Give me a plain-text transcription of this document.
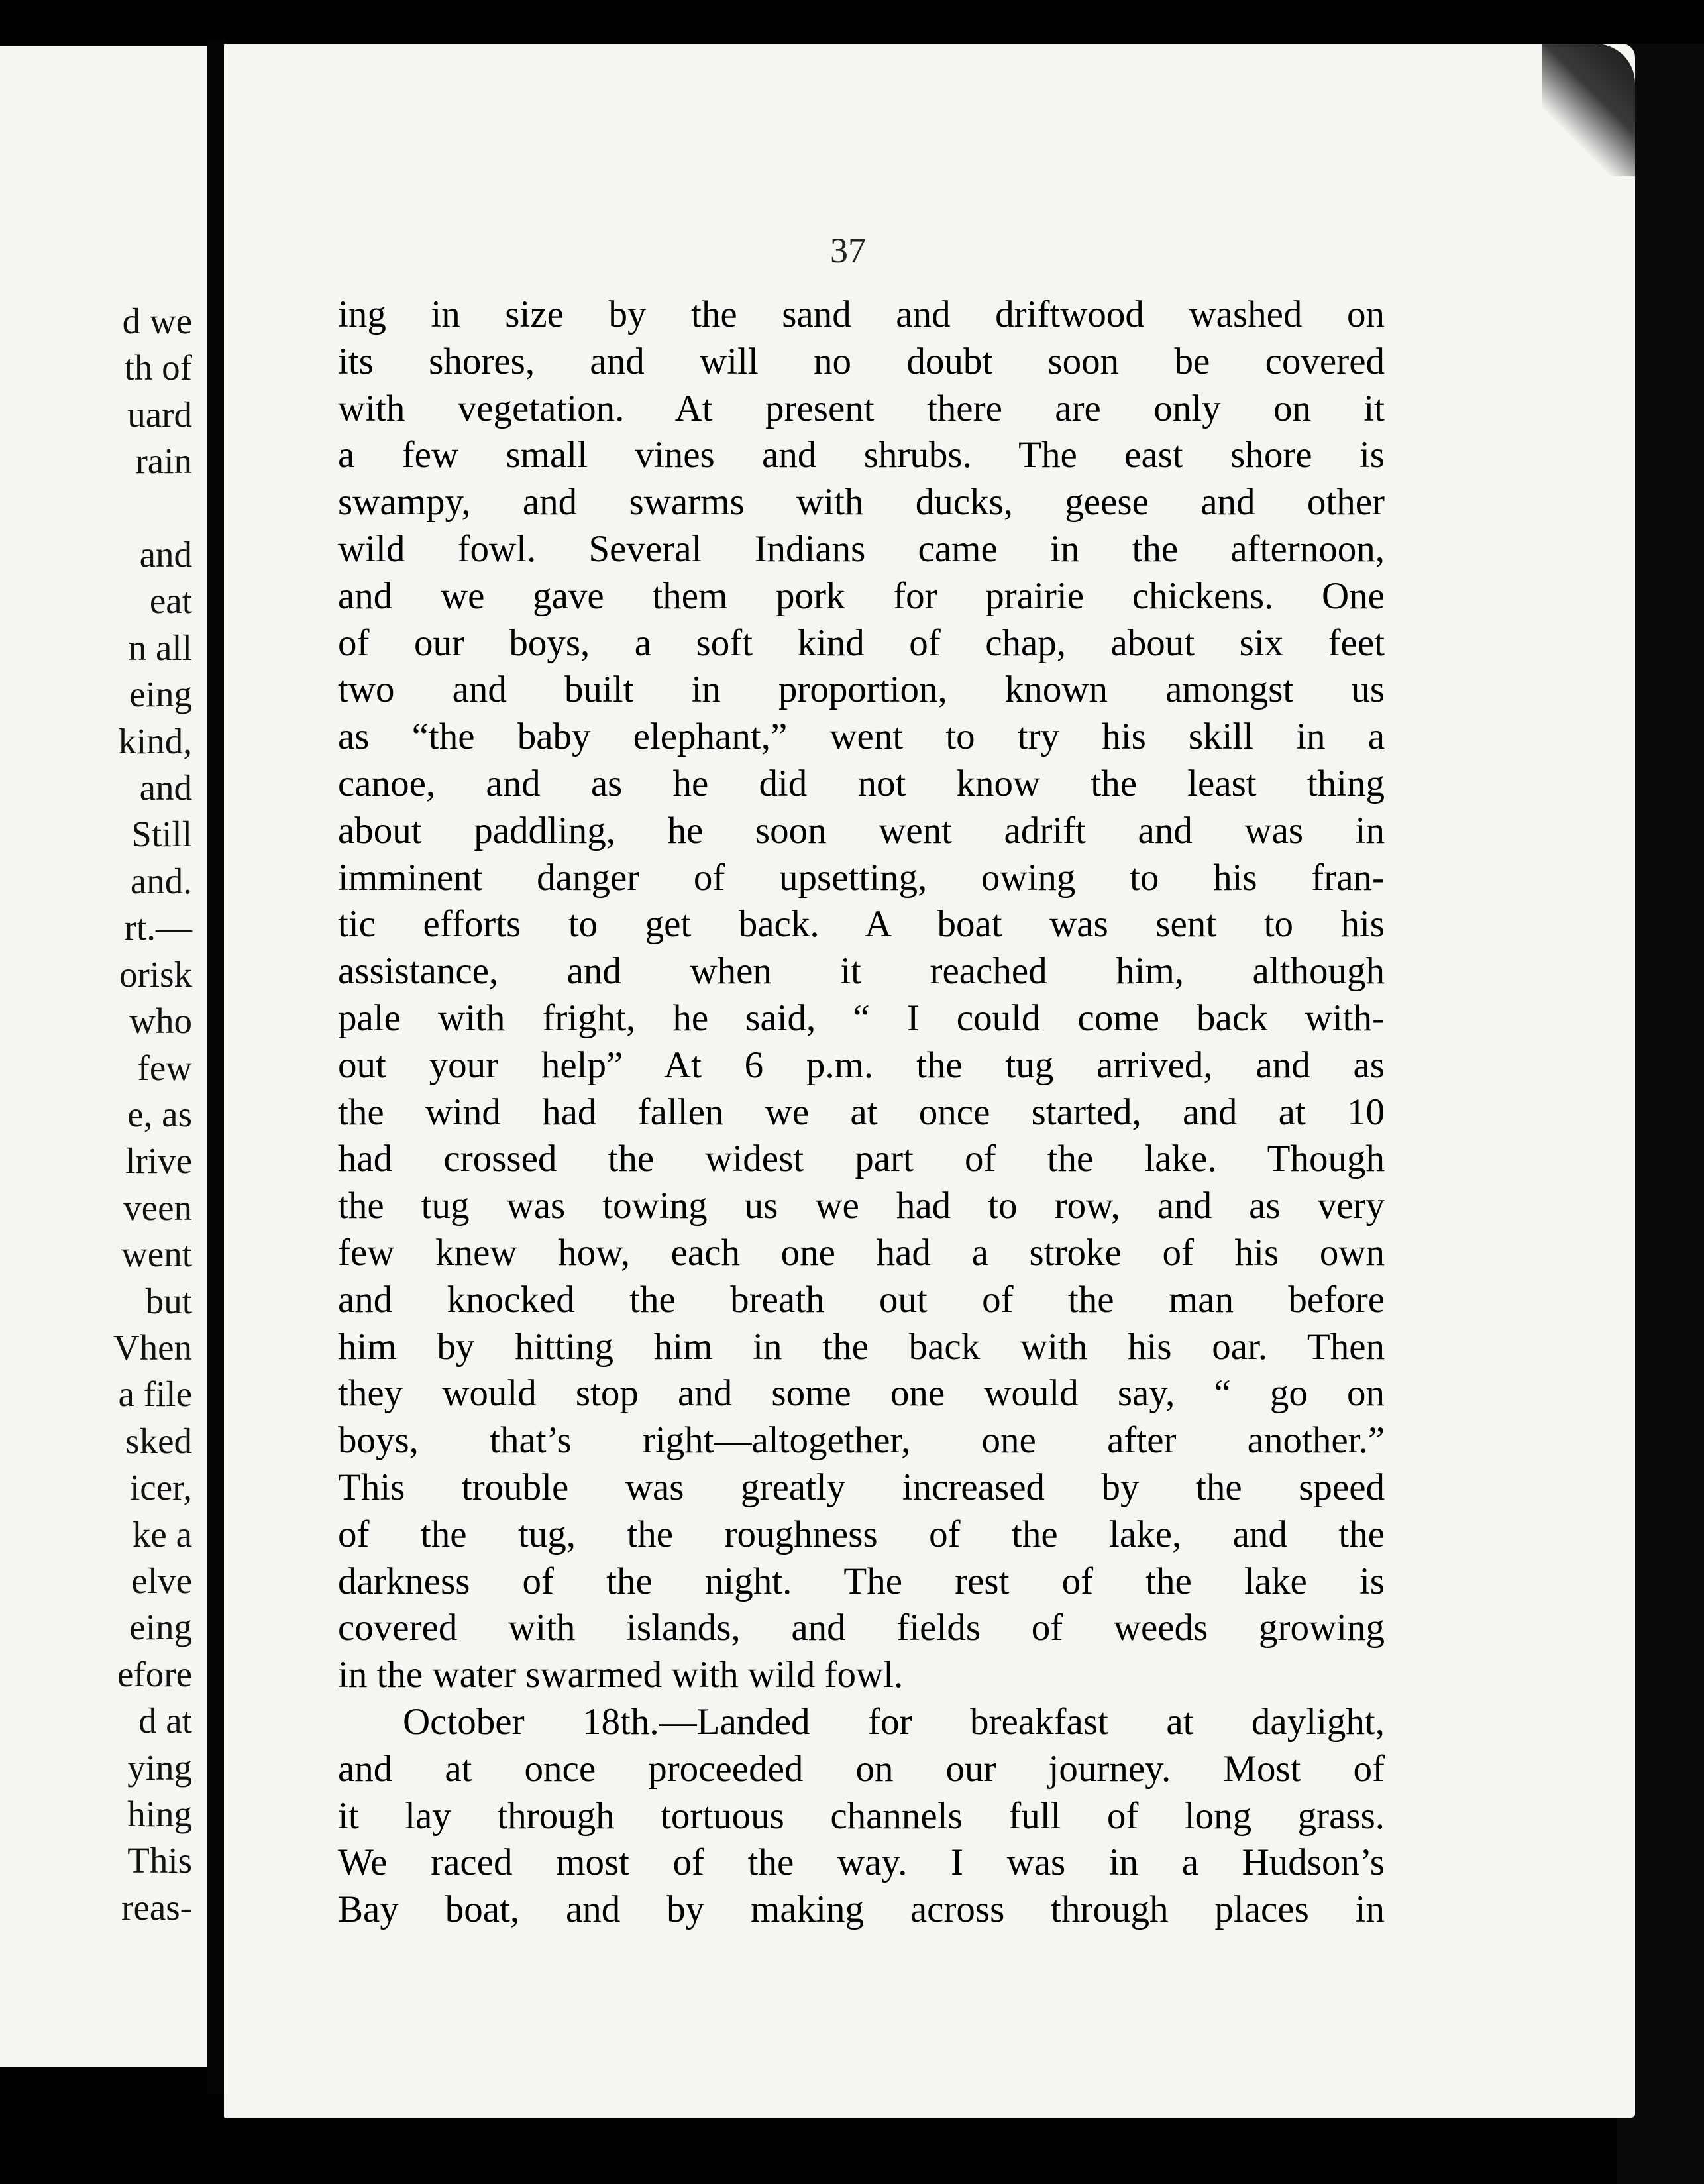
d we
th of
uard
rain

and
eat
n all
eing
kind,
and
Still
and.
rt.—
orisk
who
few
e, as
lrive
veen
went
but
Vhen
a file
sked
icer,
ke a
elve
eing
efore
d at
ying
hing
This
reas-
37
ing in size by the sand and driftwood washed on
its shores, and will no doubt soon be covered
with vegetation. At present there are only on it
a few small vines and shrubs. The east shore is
swampy, and swarms with ducks, geese and other
wild fowl. Several Indians came in the afternoon,
and we gave them pork for prairie chickens. One
of our boys, a soft kind of chap, about six feet
two and built in proportion, known amongst us
as “the baby elephant,” went to try his skill in a
canoe, and as he did not know the least thing
about paddling, he soon went adrift and was in
imminent danger of upsetting, owing to his fran-
tic efforts to get back. A boat was sent to his
assistance, and when it reached him, although
pale with fright, he said, “ I could come back with-
out your help” At 6 p.m. the tug arrived, and as
the wind had fallen we at once started, and at 10
had crossed the widest part of the lake. Though
the tug was towing us we had to row, and as very
few knew how, each one had a stroke of his own
and knocked the breath out of the man before
him by hitting him in the back with his oar. Then
they would stop and some one would say, “ go on
boys, that’s right—altogether, one after another.”
This trouble was greatly increased by the speed
of the tug, the roughness of the lake, and the
darkness of the night. The rest of the lake is
covered with islands, and fields of weeds growing
in the water swarmed with wild fowl.
October 18th.—Landed for breakfast at daylight,
and at once proceeded on our journey. Most of
it lay through tortuous channels full of long grass.
We raced most of the way. I was in a Hudson’s
Bay boat, and by making across through places in
